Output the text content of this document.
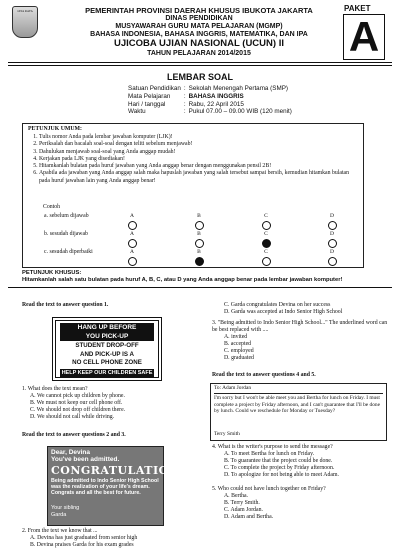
JAYA RAYA	PEMERINTAH PROVINSI DAERAH KHUSUS IBUKOTA JAKARTA
DINAS PENDIDIKAN
MUSYAWARAH GURU MATA PELAJARAN (MGMP)
BAHASA INDONESIA, BAHASA INGGRIS, MATEMATIKA, DAN IPA
UJICOBA UJIAN NASIONAL (UCUN) II
TAHUN PELAJARAN 2014/2015
PAKET
A
LEMBAR SOAL
Satuan Pendidikan	:	Sekolah Menengah Pertama (SMP)
Mata Pelajaran	:	BAHASA INGGRIS
Hari / tanggal	:	Rabu, 22 April 2015
Waktu	:	Pukul 07.00 – 09.00 WIB (120 menit)
PETUNJUK UMUM:
1. Tulis nomor Anda pada lembar jawaban komputer (LJK)!
2. Periksalah dan bacalah soal-soal dengan teliti sebelum menjawab!
3. Dahulukan menjawab soal-soal yang Anda anggap mudah!
4. Kerjakan pada LJK yang disediakan!
5. Hitamkanlah bulatan pada huruf jawaban yang Anda anggap benar dengan menggunakan pensil 2B!
6. Apabila ada jawaban yang Anda anggap salah maka hapuslah jawaban yang salah tersebut sampai bersih, kemudian hitamkan bulatan pada huruf jawaban lain yang Anda anggap benar!
Contoh
a. sebelum dijawab	A	B	C	D
b. sesudah dijawab	A	B	C	D
c. sesudah diperbaiki	A	B	C	D
PETUNJUK KHUSUS:
Hitamkanlah salah satu bulatan pada huruf A, B, C, atau D yang Anda anggap benar pada lembar jawaban komputer!
Read the text to answer question 1.
HANG UP BEFORE
YOU PICK-UP
STUDENT DROP-OFF
AND PICK-UP IS A
NO CELL PHONE ZONE
HELP KEEP OUR CHILDREN SAFE
1. What does the text mean?
A. We cannot pick up children by phone.
B. We must not keep our cell phone off.
C. We should not drop off children there.
D. We should not call while driving.
Read the text to answer questions 2 and 3.
Dear, Devina
You've been admitted.
CONGRATULATIONS!
Being admitted to Indo Senior High School was the realization of your life's dream. Congrats and all the best for future.
Your sibling
Garda
2. From the text we know that ...
A. Devina has just graduated from senior high
B. Devina praises Garda for his exam grades
C. Garda congratulates Devina on her success
D. Garda was accepted at Indo Senior High School
3. "Being admitted to Indo Senior High School..." The underlined word can be best replaced with ....
A. invited
B. accepted
C. employed
D. graduated
Read the text to answer questions 4 and 5.
To: Adam Jordan
I'm sorry but I won't be able meet you and Bertha for lunch on Friday. I must complete a project by Friday afternoon, and I can't guarantee that I'll be done by lunch. Could we reschedule for Monday or Tuesday?
Terry Smith
4. What is the writer's purpose to send the message?
A. To meet Bertha for lunch on Friday.
B. To guarantee that the project could be done.
C. To complete the project by Friday afternoon.
D. To apologize for not being able to meet Adam.
5. Who could not have lunch together on Friday?
A. Bertha.
B. Terry Smith.
C. Adam Jordan.
D. Adam and Bertha.
